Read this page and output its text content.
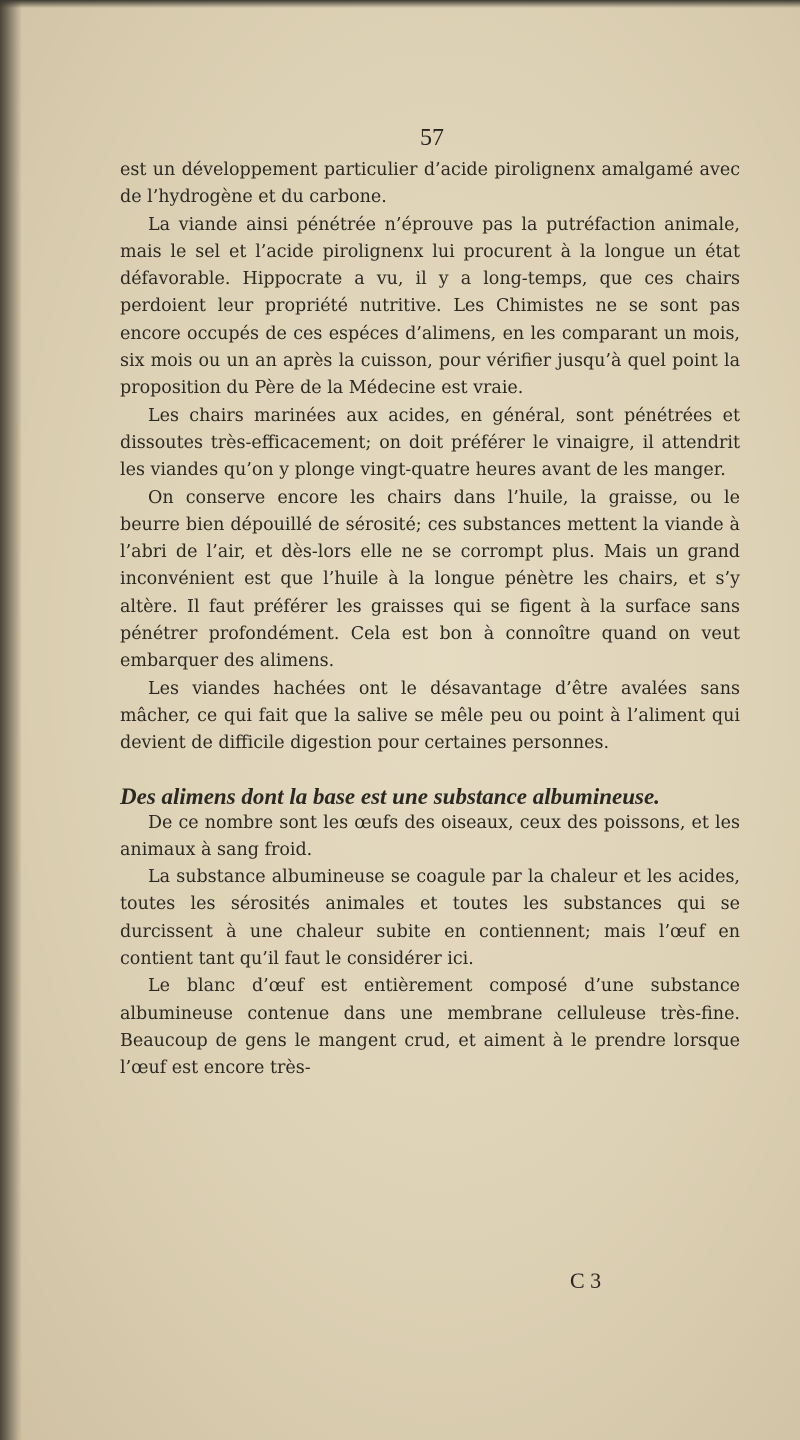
57

est un développement particulier d’acide pirolignenx amalgamé avec de l’hydrogène et du carbone.

La viande ainsi pénétrée n’éprouve pas la putréfaction animale, mais le sel et l’acide pirolignenx lui procurent à la longue un état défavorable. Hippocrate a vu, il y a long-temps, que ces chairs perdoient leur propriété nutritive. Les Chimistes ne se sont pas encore occupés de ces espéces d’alimens, en les comparant un mois, six mois ou un an après la cuisson, pour vérifier jusqu’à quel point la proposition du Père de la Médecine est vraie.

Les chairs marinées aux acides, en général, sont pénétrées et dissoutes très-efficacement; on doit préférer le vinaigre, il attendrit les viandes qu’on y plonge vingt-quatre heures avant de les manger.

On conserve encore les chairs dans l’huile, la graisse, ou le beurre bien dépouillé de sérosité; ces substances mettent la viande à l’abri de l’air, et dès-lors elle ne se corrompt plus. Mais un grand inconvénient est que l’huile à la longue pénètre les chairs, et s’y altère. Il faut préférer les graisses qui se figent à la surface sans pénétrer profondément. Cela est bon à connoître quand on veut embarquer des alimens.

Les viandes hachées ont le désavantage d’être avalées sans mâcher, ce qui fait que la salive se mêle peu ou point à l’aliment qui devient de difficile digestion pour certaines personnes.

Des alimens dont la base est une substance albumineuse.

De ce nombre sont les œufs des oiseaux, ceux des poissons, et les animaux à sang froid.

La substance albumineuse se coagule par la chaleur et les acides, toutes les sérosités animales et toutes les substances qui se durcissent à une chaleur subite en contiennent; mais l’œuf en contient tant qu’il faut le considérer ici.

Le blanc d’œuf est entièrement composé d’une substance albumineuse contenue dans une membrane celluleuse très-fine. Beaucoup de gens le mangent crud, et aiment à le prendre lorsque l’œuf est encore très-

C 3
